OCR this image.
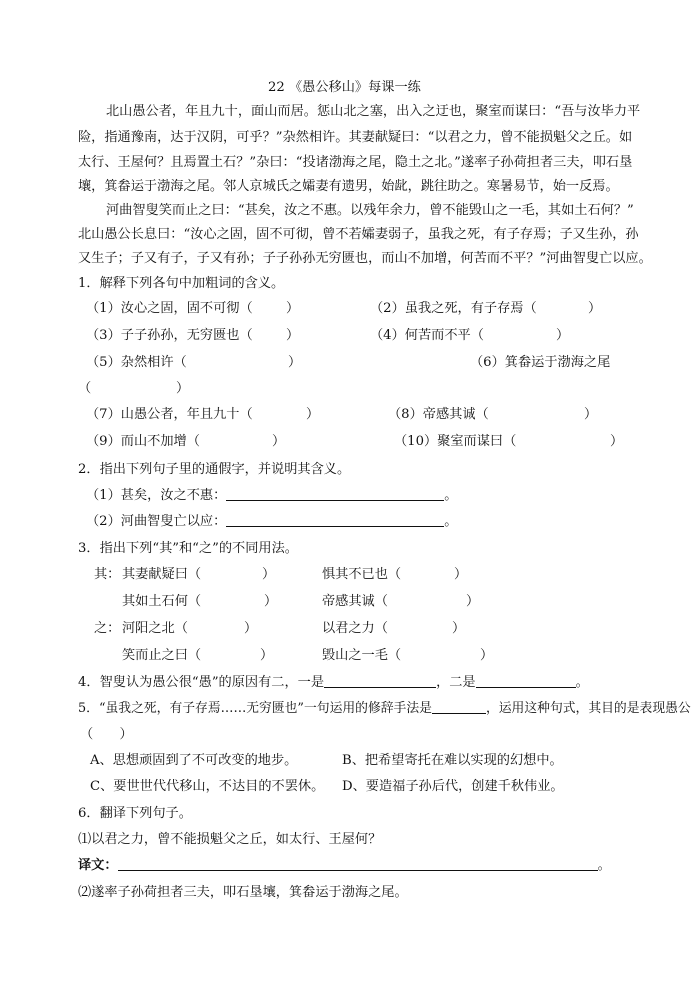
22 《愚公移山》每课一练
北山愚公者，年且九十，面山而居。惩山北之塞，出入之迂也，聚室而谋曰：“吾与汝毕力平
险，指通豫南，达于汉阴，可乎？”杂然相许。其妻献疑曰：“以君之力，曾不能损魁父之丘。如
太行、王屋何？且焉置土石？”杂曰：“投诸渤海之尾，隐土之北。”遂率子孙荷担者三夫，叩石垦
壤，箕畚运于渤海之尾。邻人京城氏之孀妻有遗男，始龀，跳往助之。寒暑易节，始一反焉。
河曲智叟笑而止之曰：“甚矣，汝之不惠。以残年余力，曾不能毁山之一毛，其如土石何？”
北山愚公长息曰：“汝心之固，固不可彻，曾不若孀妻弱子，虽我之死，有子存焉；子又生孙，孙
又生子；子又有子，子又有孙；子子孙孙无穷匮也，而山不加增，何苦而不平？”河曲智叟亡以应。
1．解释下列各句中加粗词的含义。
（1）汝心之固，固不可彻（	）	（2）虽我之死，有子存焉（	）
（3）子子孙孙，无穷匮也（	）	（4）何苦而不平（	）
（5）杂然相许（	）	（6）箕畚运于渤海之尾
（	）
（7）山愚公者，年且九十（	）	（8）帝感其诚（	）
（9）而山不加增（	）	（10）聚室而谋曰（	）
2．指出下列句子里的通假字，并说明其含义。
（1）甚矣，汝之不惠：	。
（2）河曲智叟亡以应：	。
3．指出下列“其”和“之”的不同用法。
其： 其妻献疑曰（	）	惧其不已也（	）
其如土石何（	）	帝感其诚（	）
之： 河阳之北（	）	以君之力（	）
笑而止之曰（	）	毁山之一毛（	）
4．智叟认为愚公很“愚”的原因有二，一是	，二是	。
5．“虽我之死，有子存焉……无穷匮也”一句运用的修辞手法是	，运用这种句式，其目的是表现愚公
（　　）
A、思想顽固到了不可改变的地步。	B、把希望寄托在难以实现的幻想中。
C、要世世代代移山，不达目的不罢休。 D、要造福子孙后代，创建千秋伟业。
6．翻译下列句子。
⑴以君之力，曾不能损魁父之丘，如太行、王屋何？
译文：	。
⑵遂率子孙荷担者三夫，叩石垦壤，箕畚运于渤海之尾。
